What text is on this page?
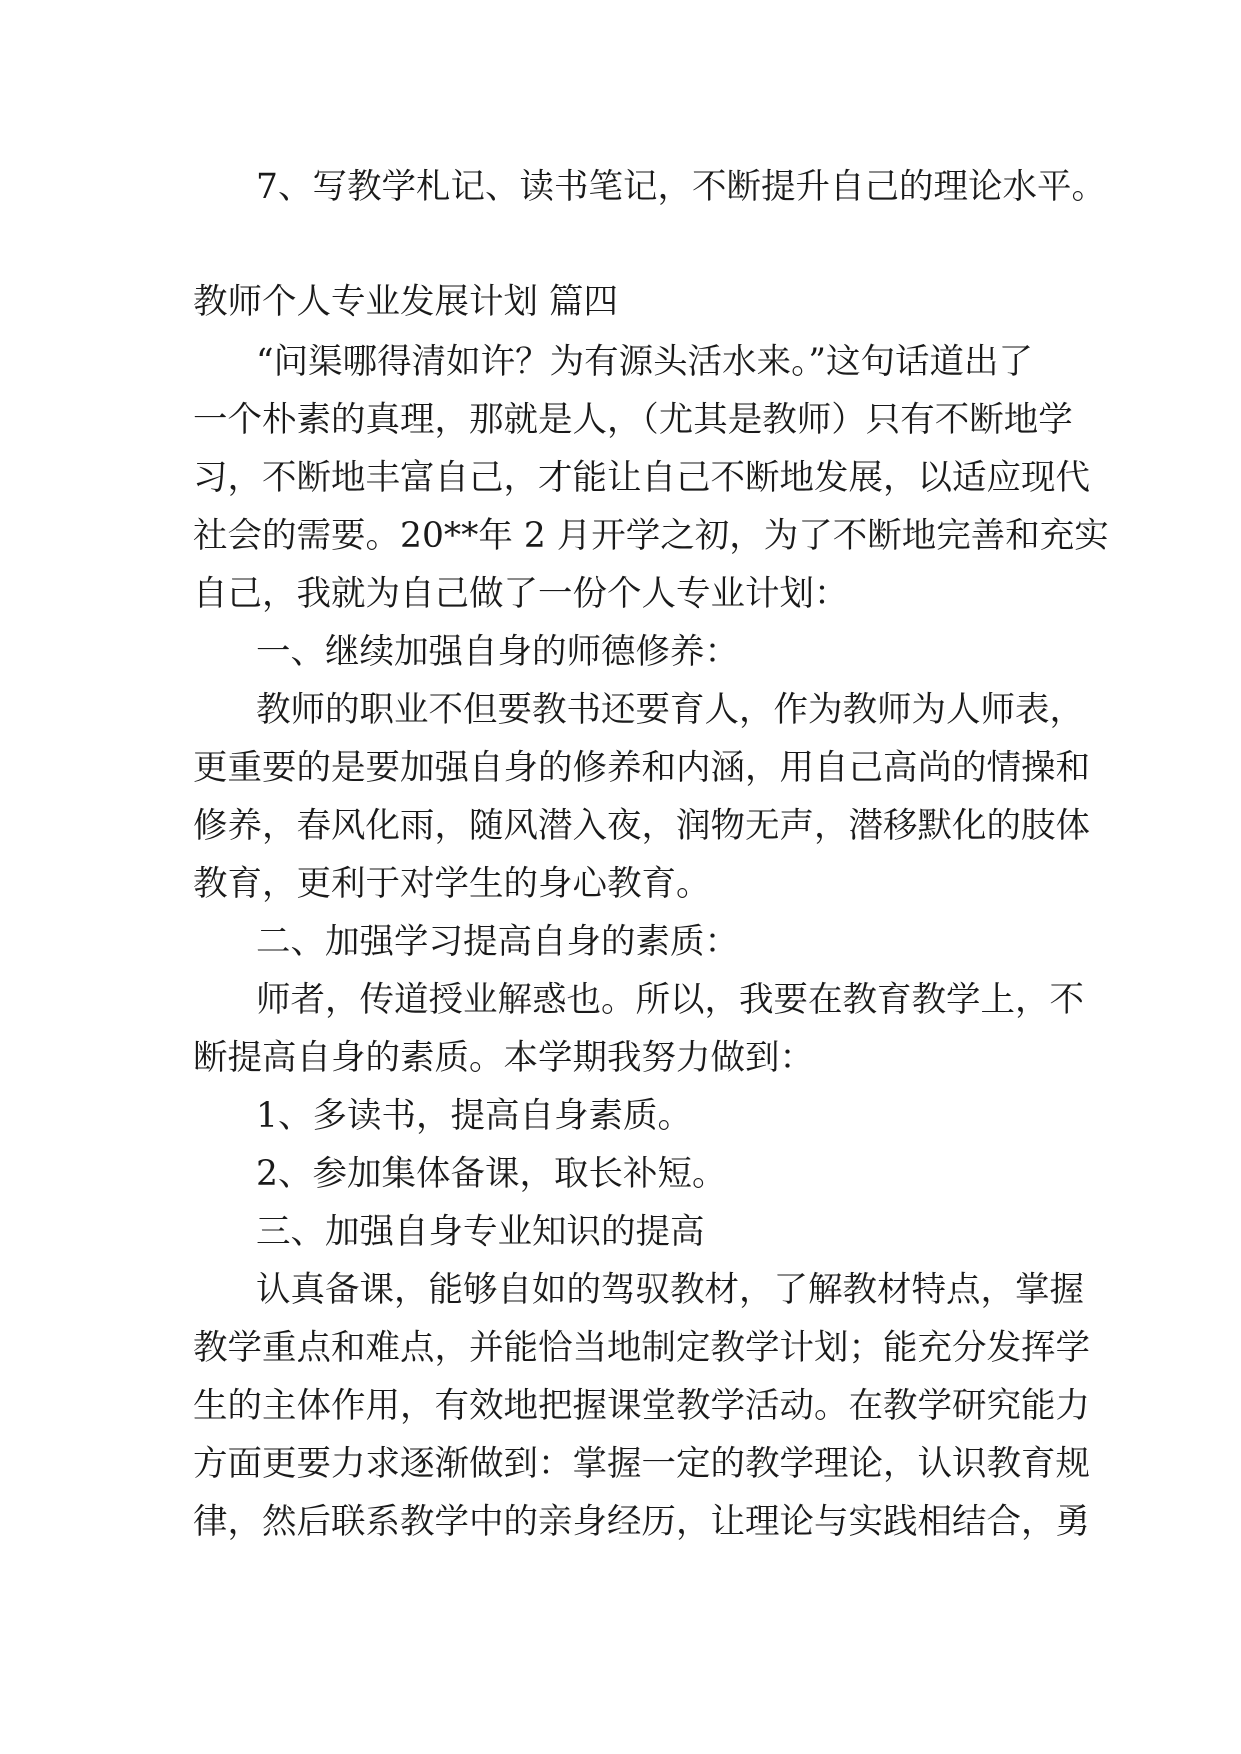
7、写教学札记、读书笔记，不断提升自己的理论水平。
教师个人专业发展计划 篇四
“问渠哪得清如许？为有源头活水来。”这句话道出了
一个朴素的真理，那就是人，（尤其是教师）只有不断地学
习，不断地丰富自己，才能让自己不断地发展，以适应现代
社会的需要。20**年 2 月开学之初，为了不断地完善和充实
自己，我就为自己做了一份个人专业计划：
一、继续加强自身的师德修养：
教师的职业不但要教书还要育人，作为教师为人师表，
更重要的是要加强自身的修养和内涵，用自己高尚的情操和
修养，春风化雨，随风潜入夜，润物无声，潜移默化的肢体
教育，更利于对学生的身心教育。
二、加强学习提高自身的素质：
师者，传道授业解惑也。所以，我要在教育教学上，不
断提高自身的素质。本学期我努力做到：
1、多读书，提高自身素质。
2、参加集体备课，取长补短。
三、加强自身专业知识的提高
认真备课，能够自如的驾驭教材，了解教材特点，掌握
教学重点和难点，并能恰当地制定教学计划；能充分发挥学
生的主体作用，有效地把握课堂教学活动。在教学研究能力
方面更要力求逐渐做到：掌握一定的教学理论，认识教育规
律，然后联系教学中的亲身经历，让理论与实践相结合，勇
